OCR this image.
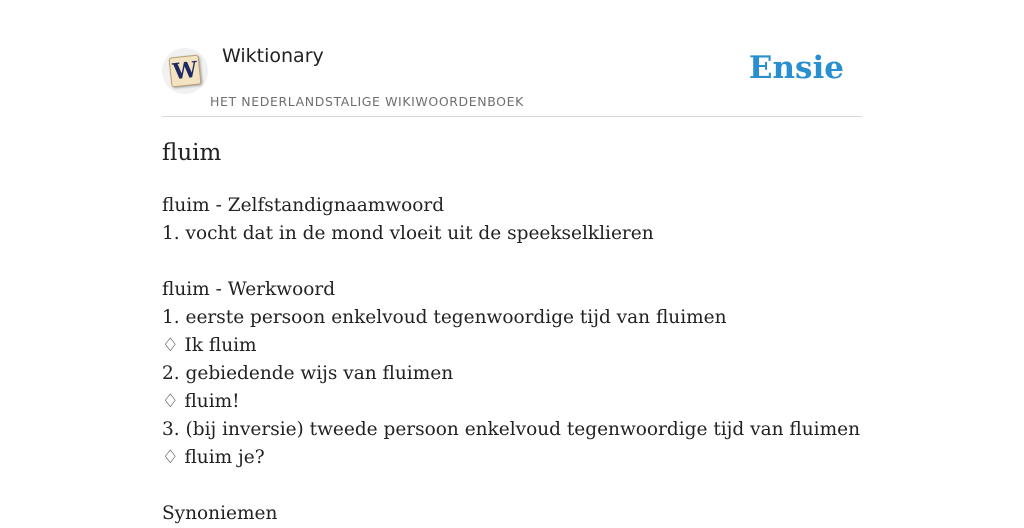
W
Wiktionary
HET NEDERLANDSTALIGE WIKIWOORDENBOEK
Ensie
fluim
fluim - Zelfstandignaamwoord
1. vocht dat in de mond vloeit uit de speekselklieren
fluim - Werkwoord
1. eerste persoon enkelvoud tegenwoordige tijd van fluimen
♢ Ik fluim
2. gebiedende wijs van fluimen
♢ fluim!
3. (bij inversie) tweede persoon enkelvoud tegenwoordige tijd van fluimen
♢ fluim je?
Synoniemen
